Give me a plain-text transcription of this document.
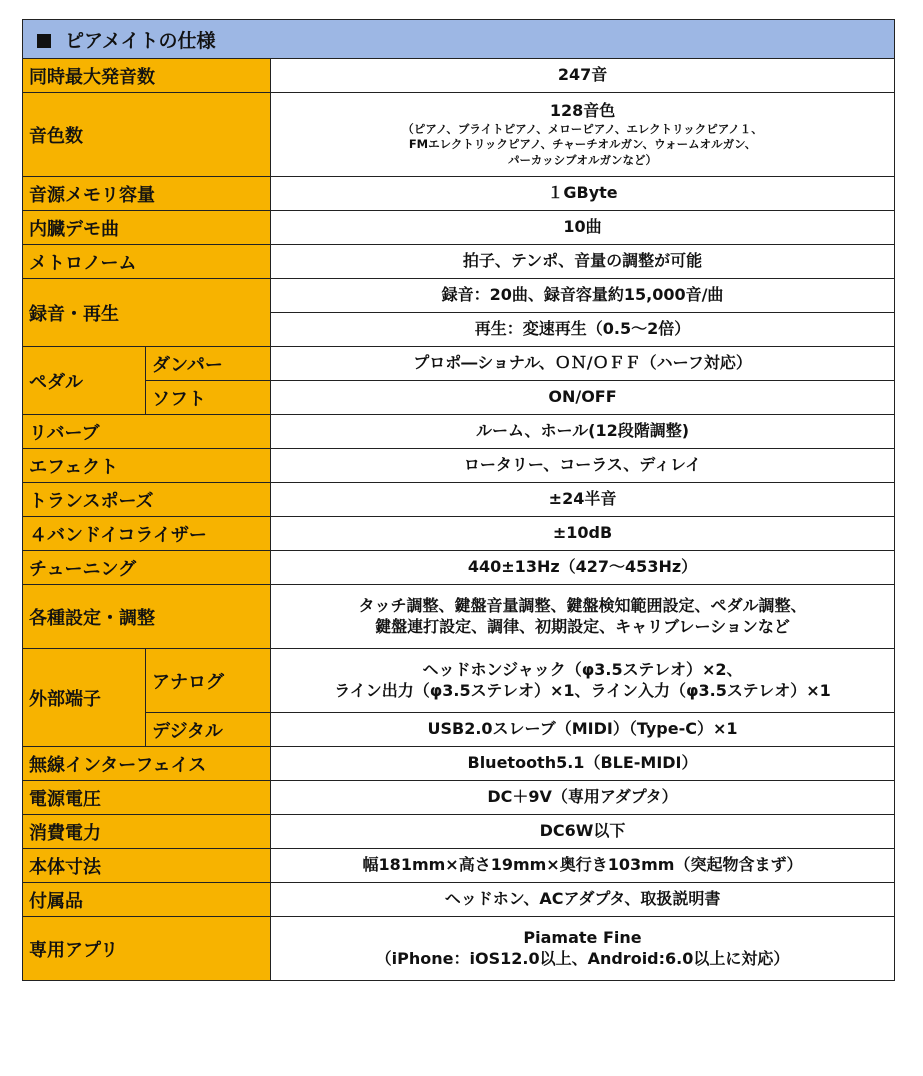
ピアメイトの仕様		
同時最大発音数		247音
音色数		128音色
（ピアノ、ブライトピアノ、メローピアノ、エレクトリックピアノ１、
FMエレクトリックピアノ、チャーチオルガン、ウォームオルガン、
パーカッシブオルガンなど）

音源メモリ容量		１GByte
内臓デモ曲		10曲
メトロノーム		拍子、テンポ、音量の調整が可能
録音・再生		録音：20曲、録音容量約15,000音/曲
		再生：変速再生（0.5〜2倍）
ペダル	ダンパー	プロポ―ショナル、ＯＮ/ＯＦＦ（ハーフ対応）
	ソフト	ON/OFF
リバーブ		ルーム、ホール(12段階調整)
エフェクト		ロータリー、コーラス、ディレイ
トランスポーズ		±24半音
４バンドイコライザー		±10dB
チューニング		440±13Hz（427〜453Hz）
各種設定・調整		タッチ調整、鍵盤音量調整、鍵盤検知範囲設定、ペダル調整、
鍵盤連打設定、調律、初期設定、キャリブレーションなど

外部端子	アナログ	ヘッドホンジャック（φ3.5ステレオ）×2、
ライン出力（φ3.5ステレオ）×1、ライン入力（φ3.5ステレオ）×1

	デジタル	USB2.0スレーブ（MIDI）（Type-C）×1
無線インターフェイス		Bluetooth5.1（BLE-MIDI）
電源電圧		DC＋9V（専用アダプタ）
消費電力		DC6W以下
本体寸法		幅181mm×高さ19mm×奥行き103mm（突起物含まず）
付属品		ヘッドホン、ACアダプタ、取扱説明書
専用アプリ		Piamate Fine
（iPhone：iOS12.0以上、Android:6.0以上に対応）
